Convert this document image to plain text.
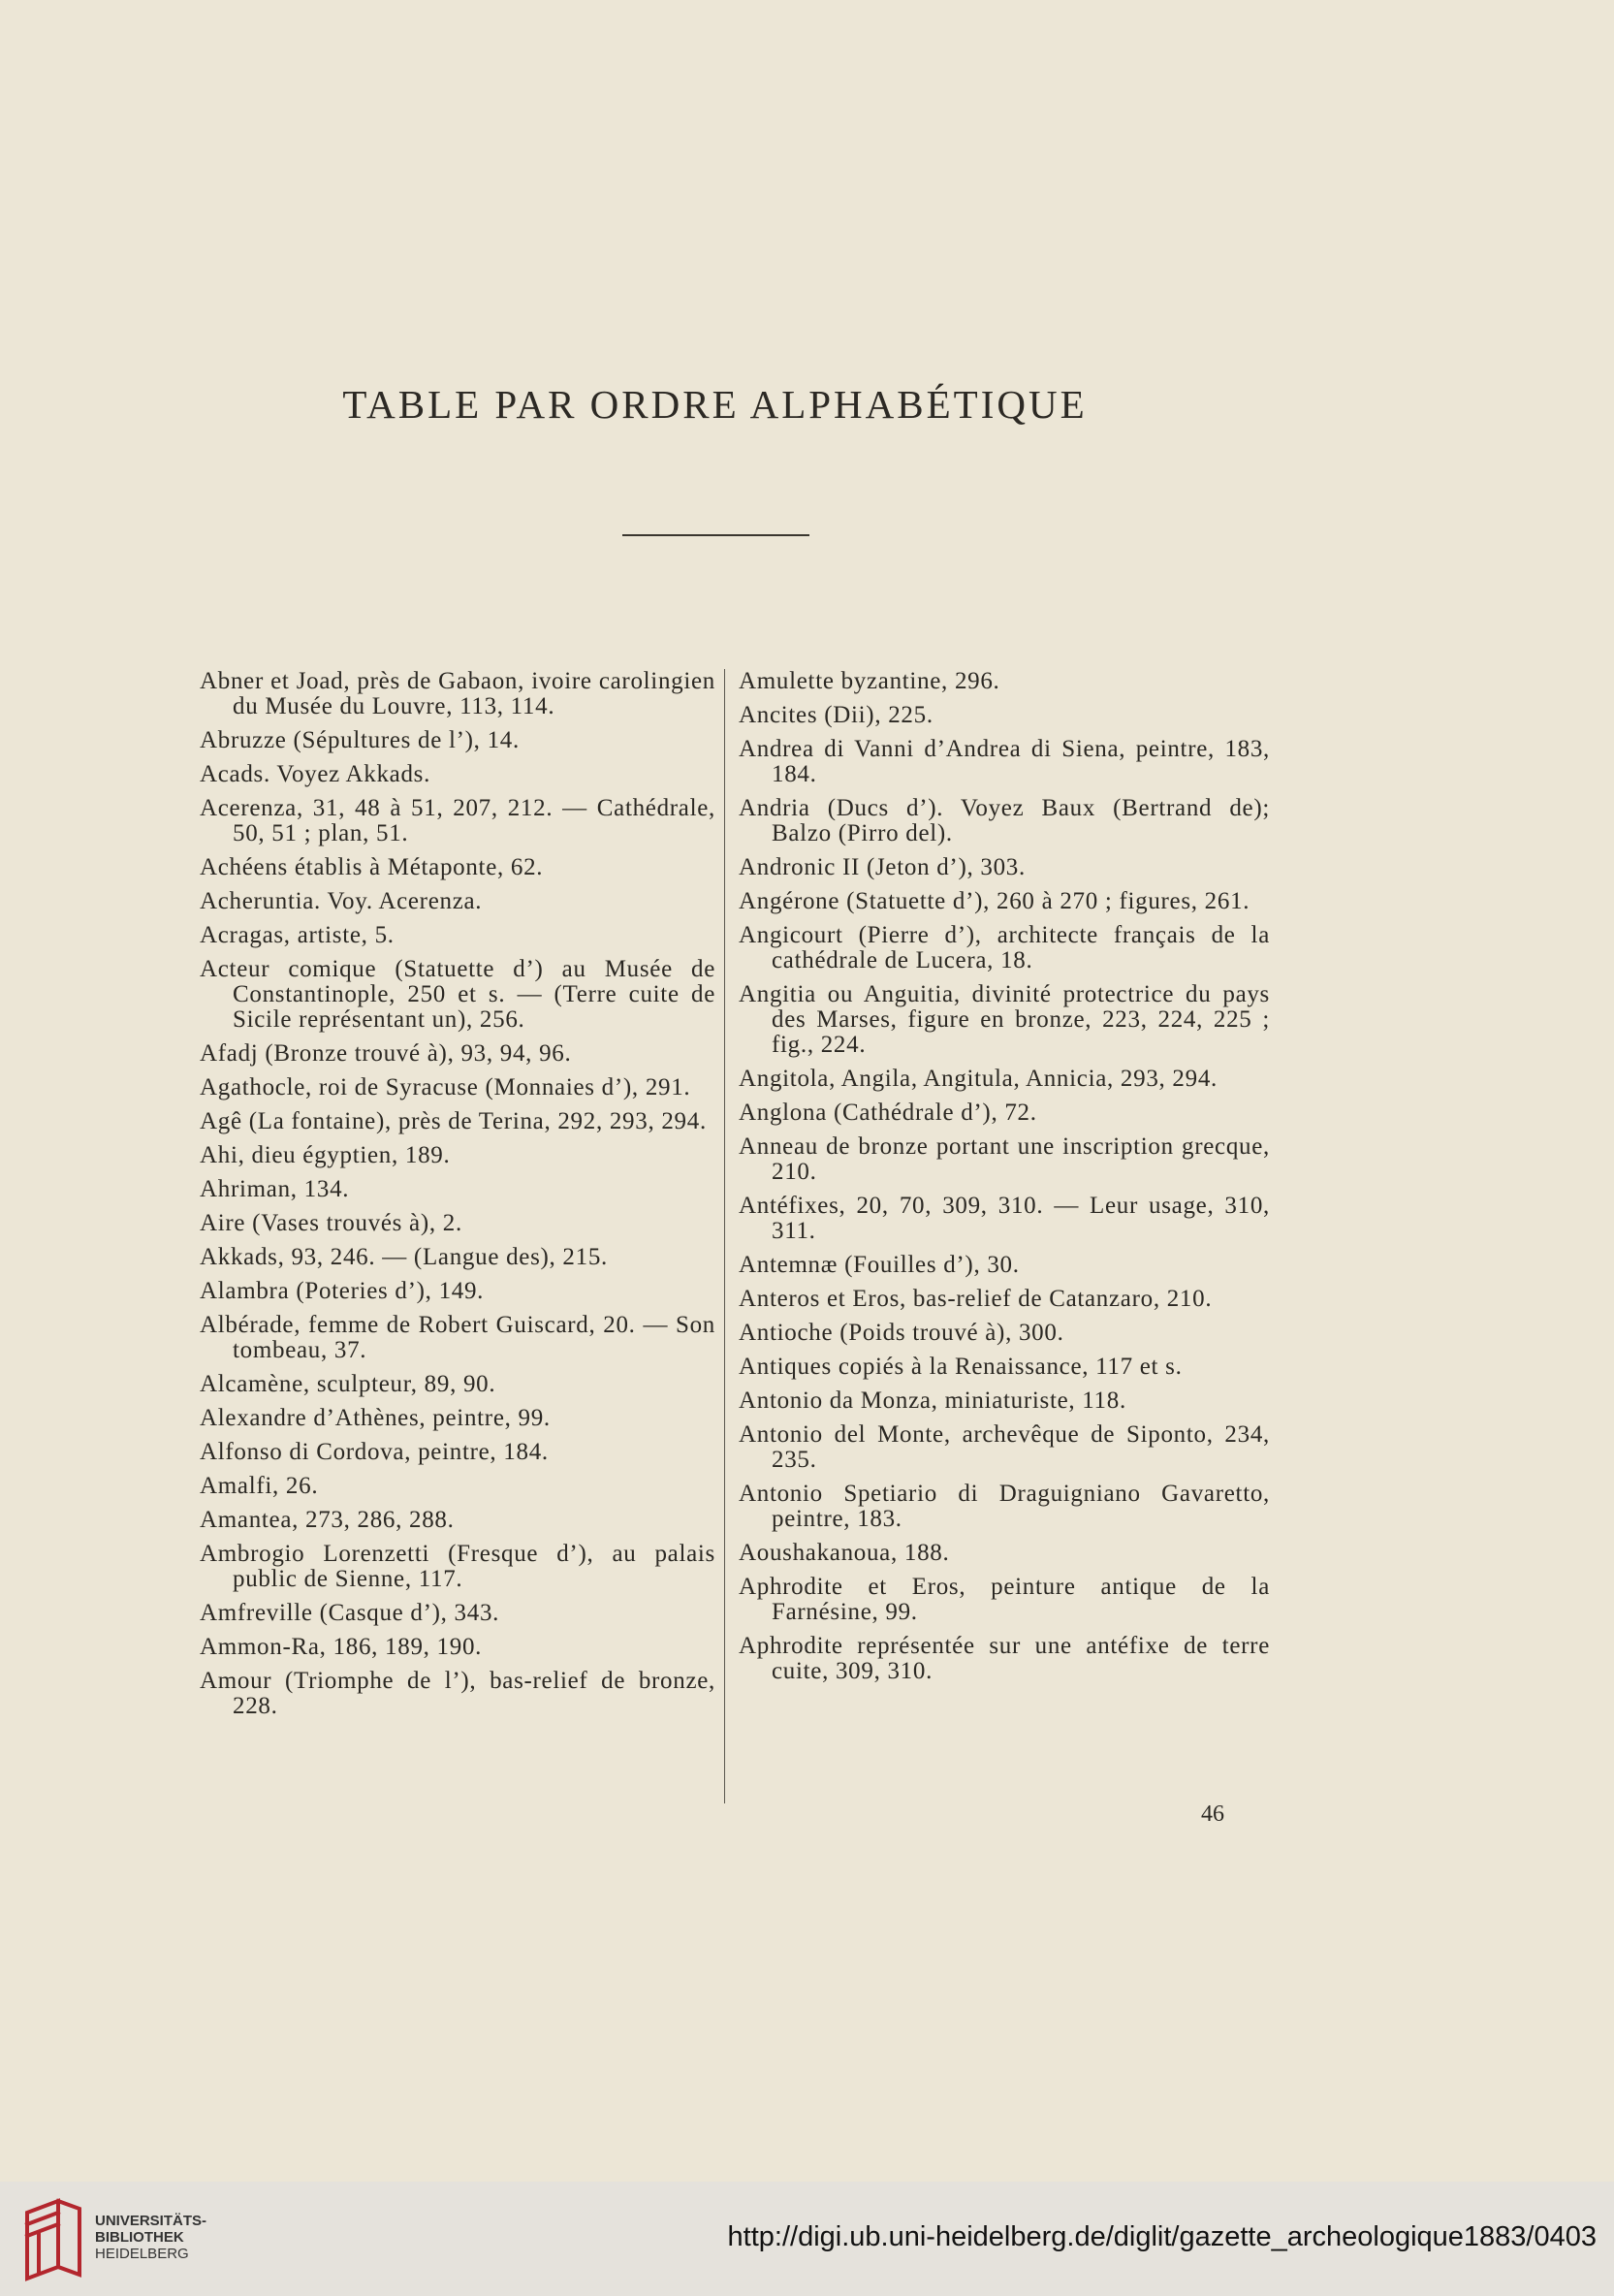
TABLE PAR ORDRE ALPHABÉTIQUE

Abner et Joad, près de Gabaon, ivoire carolingien du Musée du Louvre, 113, 114.

Abruzze (Sépultures de l’), 14.

Acads. Voyez Akkads.

Acerenza, 31, 48 à 51, 207, 212. — Cathédrale, 50, 51 ; plan, 51.

Achéens établis à Métaponte, 62.

Acheruntia. Voy. Acerenza.

Acragas, artiste, 5.

Acteur comique (Statuette d’) au Musée de Constantinople, 250 et s. — (Terre cuite de Sicile représentant un), 256.

Afadj (Bronze trouvé à), 93, 94, 96.

Agathocle, roi de Syracuse (Monnaies d’), 291.

Agê (La fontaine), près de Terina, 292, 293, 294.

Ahi, dieu égyptien, 189.

Ahriman, 134.

Aire (Vases trouvés à), 2.

Akkads, 93, 246. — (Langue des), 215.

Alambra (Poteries d’), 149.

Albérade, femme de Robert Guiscard, 20. — Son tombeau, 37.

Alcamène, sculpteur, 89, 90.

Alexandre d’Athènes, peintre, 99.

Alfonso di Cordova, peintre, 184.

Amalfi, 26.

Amantea, 273, 286, 288.

Ambrogio Lorenzetti (Fresque d’), au palais public de Sienne, 117.

Amfreville (Casque d’), 343.

Ammon-Ra, 186, 189, 190.

Amour (Triomphe de l’), bas-relief de bronze, 228.

Amulette byzantine, 296.

Ancites (Dii), 225.

Andrea di Vanni d’Andrea di Siena, peintre, 183, 184.

Andria (Ducs d’). Voyez Baux (Bertrand de); Balzo (Pirro del).

Andronic II (Jeton d’), 303.

Angérone (Statuette d’), 260 à 270 ; figures, 261.

Angicourt (Pierre d’), architecte français de la cathédrale de Lucera, 18.

Angitia ou Anguitia, divinité protectrice du pays des Marses, figure en bronze, 223, 224, 225 ; fig., 224.

Angitola, Angila, Angitula, Annicia, 293, 294.

Anglona (Cathédrale d’), 72.

Anneau de bronze portant une inscription grecque, 210.

Antéfixes, 20, 70, 309, 310. — Leur usage, 310, 311.

Antemnæ (Fouilles d’), 30.

Anteros et Eros, bas-relief de Catanzaro, 210.

Antioche (Poids trouvé à), 300.

Antiques copiés à la Renaissance, 117 et s.

Antonio da Monza, miniaturiste, 118.

Antonio del Monte, archevêque de Siponto, 234, 235.

Antonio Spetiario di Draguigniano Gavaretto, peintre, 183.

Aoushakanoua, 188.

Aphrodite et Eros, peinture antique de la Farnésine, 99.

Aphrodite représentée sur une antéfixe de terre cuite, 309, 310.

46
UNIVERSITÄTS-
BIBLIOTHEK
HEIDELBERG
http://digi.ub.uni-heidelberg.de/diglit/gazette_archeologique1883/0403
